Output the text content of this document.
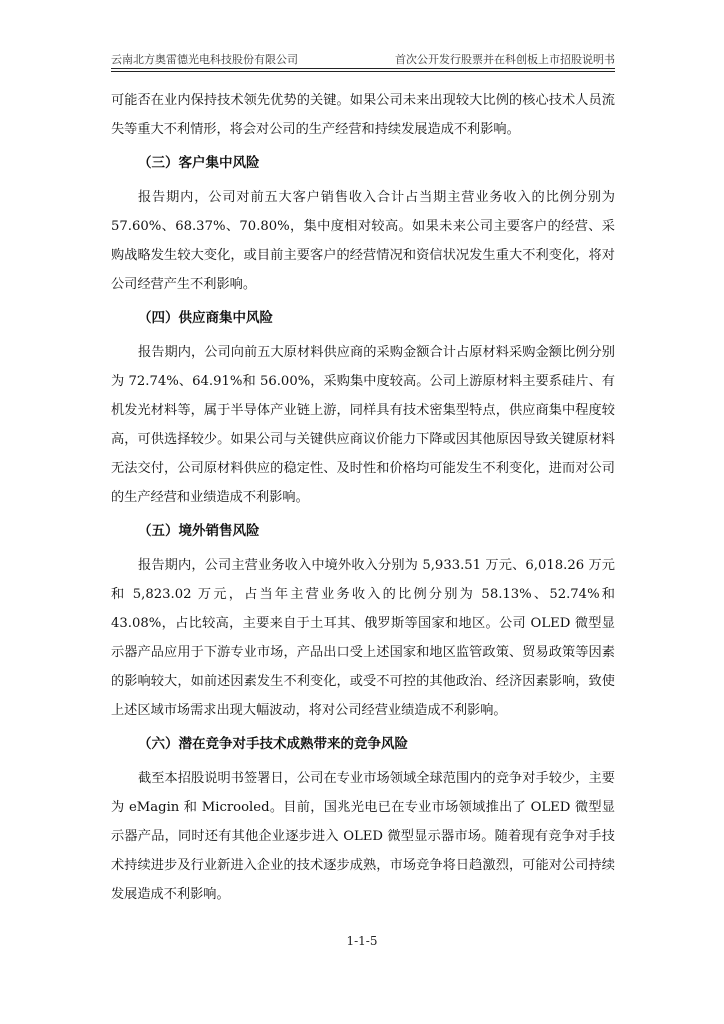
云南北方奥雷德光电科技股份有限公司	首次公开发行股票并在科创板上市招股说明书

可能否在业内保持技术领先优势的关键。如果公司未来出现较大比例的核心技术人员流失等重大不利情形，将会对公司的生产经营和持续发展造成不利影响。

（三）客户集中风险

报告期内，公司对前五大客户销售收入合计占当期主营业务收入的比例分别为 57.60%、68.37%、70.80%，集中度相对较高。如果未来公司主要客户的经营、采购战略发生较大变化，或目前主要客户的经营情况和资信状况发生重大不利变化，将对公司经营产生不利影响。

（四）供应商集中风险

报告期内，公司向前五大原材料供应商的采购金额合计占原材料采购金额比例分别为 72.74%、64.91%和 56.00%，采购集中度较高。公司上游原材料主要系硅片、有机发光材料等，属于半导体产业链上游，同样具有技术密集型特点，供应商集中程度较高，可供选择较少。如果公司与关键供应商议价能力下降或因其他原因导致关键原材料无法交付，公司原材料供应的稳定性、及时性和价格均可能发生不利变化，进而对公司的生产经营和业绩造成不利影响。

（五）境外销售风险

报告期内，公司主营业务收入中境外收入分别为 5,933.51 万元、6,018.26 万元和 5,823.02 万元，占当年主营业务收入的比例分别为 58.13%、52.74%和 43.08%，占比较高，主要来自于土耳其、俄罗斯等国家和地区。公司 OLED 微型显示器产品应用于下游专业市场，产品出口受上述国家和地区监管政策、贸易政策等因素的影响较大，如前述因素发生不利变化，或受不可控的其他政治、经济因素影响，致使上述区域市场需求出现大幅波动，将对公司经营业绩造成不利影响。

（六）潜在竞争对手技术成熟带来的竞争风险

截至本招股说明书签署日，公司在专业市场领域全球范围内的竞争对手较少，主要为 eMagin 和 Microoled。目前，国兆光电已在专业市场领域推出了 OLED 微型显示器产品，同时还有其他企业逐步进入 OLED 微型显示器市场。随着现有竞争对手技术持续进步及行业新进入企业的技术逐步成熟，市场竞争将日趋激烈，可能对公司持续发展造成不利影响。

1-1-5
